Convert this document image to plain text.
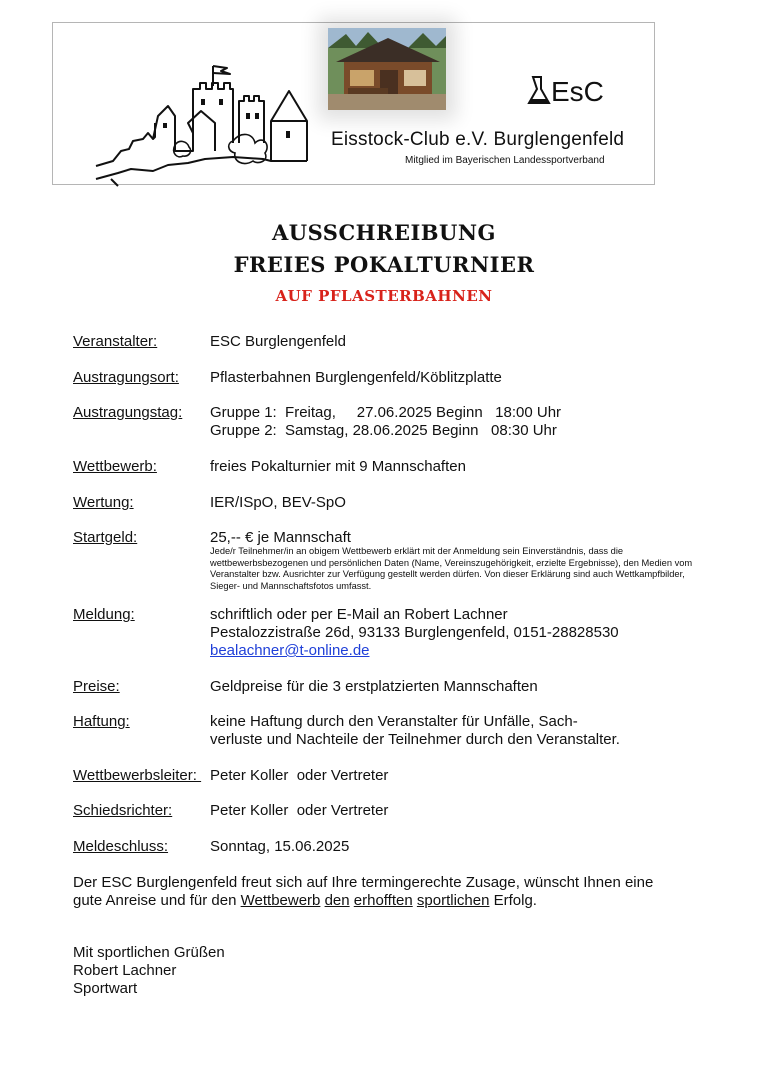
EsC
Eisstock-Club e.V. Burglengenfeld
Mitglied im Bayerischen Landessportverband
AUSSCHREIBUNG
FREIES POKALTURNIER
AUF PFLASTERBAHNEN
Veranstalter:	ESC Burglengenfeld
Austragungsort: Pflasterbahnen Burglengenfeld/Köblitzplatte
Austragungstag: Gruppe 1:  Freitag,     27.06.2025 Beginn   18:00 Uhr
Gruppe 2:  Samstag, 28.06.2025 Beginn   08:30 Uhr
Wettbewerb:	freies Pokalturnier mit 9 Mannschaften
Wertung:	IER/ISpO, BEV-SpO
Startgeld:	25,-- € je Mannschaft
Jede/r Teilnehmer/in an obigem Wettbewerb erklärt mit der Anmeldung sein Einverständnis, dass die wettbewerbsbezogenen und persönlichen Daten (Name, Vereinszugehörigkeit, erzielte Ergebnisse), den Medien vom Veranstalter bzw. Ausrichter zur Verfügung gestellt werden dürfen. Von dieser Erklärung sind auch Wettkampfbilder, Sieger- und Mannschaftsfotos umfasst.
Meldung:	schriftlich oder per E-Mail an Robert Lachner
Pestalozzistraße 26d, 93133 Burglengenfeld, 0151-28828530
bealachner@t-online.de
Preise:	Geldpreise für die 3 erstplatzierten Mannschaften
Haftung:	keine Haftung durch den Veranstalter für Unfälle, Sach-
verluste und Nachteile der Teilnehmer durch den Veranstalter.
Wettbewerbsleiter: Peter Koller  oder Vertreter
Schiedsrichter:	Peter Koller  oder Vertreter
Meldeschluss:	Sonntag, 15.06.2025
Der ESC Burglengenfeld freut sich auf Ihre termingerechte Zusage, wünscht Ihnen eine
gute Anreise und für den Wettbewerb den erhofften sportlichen Erfolg.
Mit sportlichen Grüßen
Robert Lachner
Sportwart
